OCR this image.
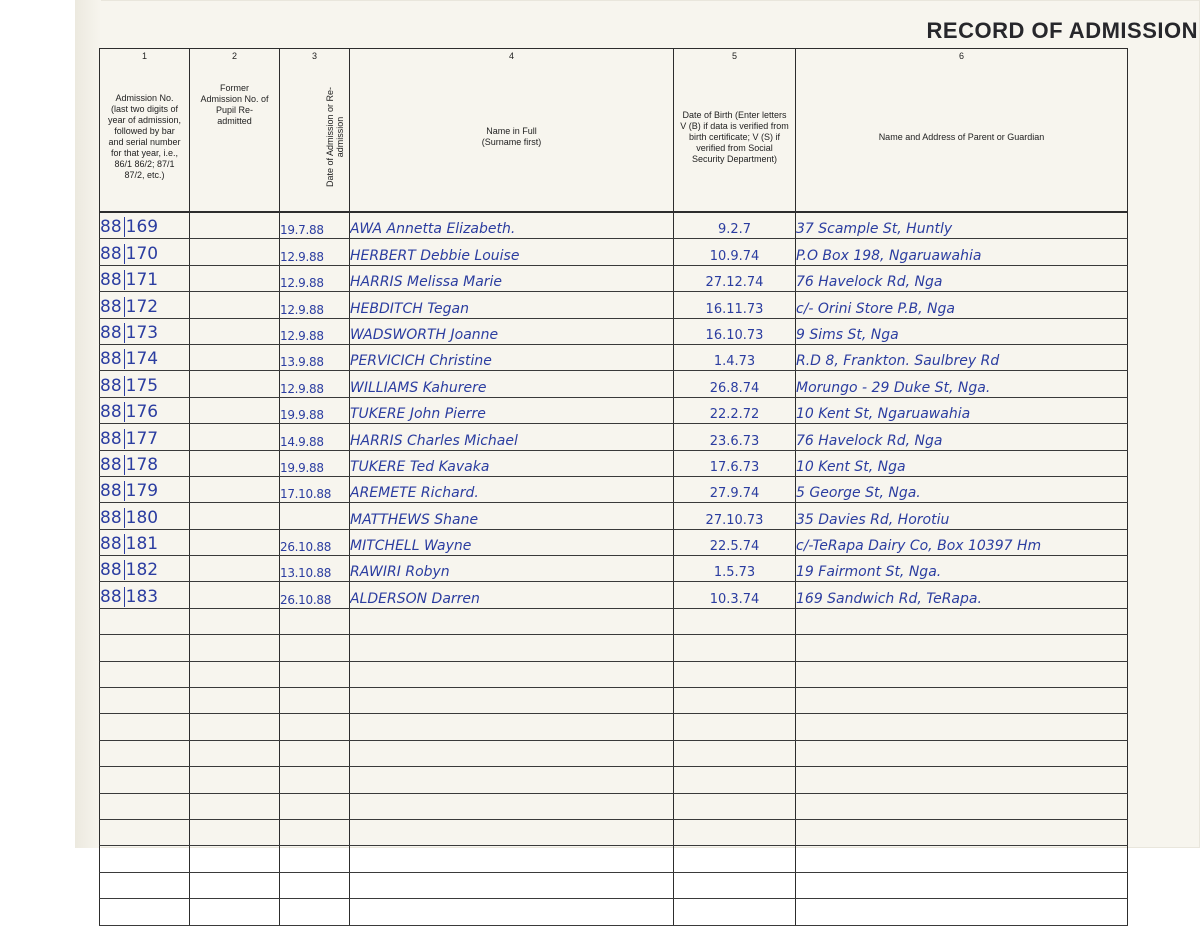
RECORD OF ADMISSION
1	2	3	4	5	6
Admission No. (last two digits of year of admission, followed by bar and serial number for that year, i.e., 86/1 86/2; 87/1 87/2, etc.)	Former Admission No. of Pupil Re-admitted	Date of Admission or Re-admission	Name in Full (Surname first)	Date of Birth (Enter letters V (B) if data is verified from birth certificate; V (S) if verified from Social Security Department)	Name and Address of Parent or Guardian
88 169		19.7.88	AWA Annetta Elizabeth.	9.2.7	37 Scample St, Huntly
88 170		12.9.88	HERBERT Debbie Louise	10.9.74	P.O Box 198, Ngaruawahia
88 171		12.9.88	HARRIS Melissa Marie	27.12.74	76 Havelock Rd, Nga
88 172		12.9.88	HEBDITCH Tegan	16.11.73	c/- Orini Store P.B, Nga
88 173		12.9.88	WADSWORTH Joanne	16.10.73	9 Sims St, Nga
88 174		13.9.88	PERVICICH Christine	1.4.73	R.D 8, Frankton. Saulbrey Rd
88 175		12.9.88	WILLIAMS Kahurere	26.8.74	Morungo - 29 Duke St, Nga.
88 176		19.9.88	TUKERE John Pierre	22.2.72	10 Kent St, Ngaruawahia
88 177		14.9.88	HARRIS Charles Michael	23.6.73	76 Havelock Rd, Nga
88 178		19.9.88	TUKERE Ted Kavaka	17.6.73	10 Kent St, Nga
88 179		17.10.88	AREMETE Richard.	27.9.74	5 George St, Nga.
88 180			MATTHEWS Shane	27.10.73	35 Davies Rd, Horotiu
88 181		26.10.88	MITCHELL Wayne	22.5.74	c/-TeRapa Dairy Co, Box 10397 Hm
88 182		13.10.88	RAWIRI Robyn	1.5.73	19 Fairmont St, Nga.
88 183		26.10.88	ALDERSON Darren	10.3.74	169 Sandwich Rd, TeRapa.
